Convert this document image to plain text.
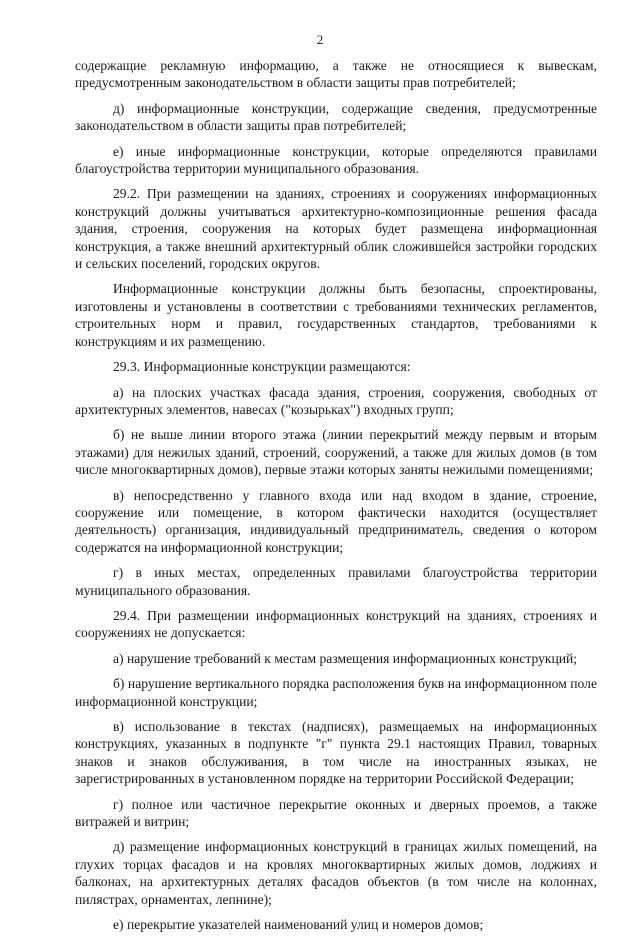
2

содержащие рекламную информацию, а также не относящиеся к вывескам, предусмотренным законодательством в области защиты прав потребителей;

д) информационные конструкции, содержащие сведения, предусмотренные законодательством в области защиты прав потребителей;

е) иные информационные конструкции, которые определяются правилами благоустройства территории муниципального образования.

29.2. При размещении на зданиях, строениях и сооружениях информационных конструкций должны учитываться архитектурно-композиционные решения фасада здания, строения, сооружения на которых будет размещена информационная конструкция, а также внешний архитектурный облик сложившейся застройки городских и сельских поселений, городских округов.

Информационные конструкции должны быть безопасны, спроектированы, изготовлены и установлены в соответствии с требованиями технических регламентов, строительных норм и правил, государственных стандартов, требованиями к конструкциям и их размещению.

29.3. Информационные конструкции размещаются:

а) на плоских участках фасада здания, строения, сооружения, свободных от архитектурных элементов, навесах ("козырьках") входных групп;

б) не выше линии второго этажа (линии перекрытий между первым и вторым этажами) для нежилых зданий, строений, сооружений, а также для жилых домов (в том числе многоквартирных домов), первые этажи которых заняты нежилыми помещениями;

в) непосредственно у главного входа или над входом в здание, строение, сооружение или помещение, в котором фактически находится (осуществляет деятельность) организация, индивидуальный предприниматель, сведения о котором содержатся на информационной конструкции;

г) в иных местах, определенных правилами благоустройства территории муниципального образования.

29.4. При размещении информационных конструкций на зданиях, строениях и сооружениях не допускается:

а) нарушение требований к местам размещения информационных конструкций;

б) нарушение вертикального порядка расположения букв на информационном поле информационной конструкции;

в) использование в текстах (надписях), размещаемых на информационных конструкциях, указанных в подпункте "г" пункта 29.1 настоящих Правил, товарных знаков и знаков обслуживания, в том числе на иностранных языках, не зарегистрированных в установленном порядке на территории Российской Федерации;

г) полное или частичное перекрытие оконных и дверных проемов, а также витражей и витрин;

д) размещение информационных конструкций в границах жилых помещений, на глухих торцах фасадов и на кровлях многоквартирных жилых домов, лоджиях и балконах, на архитектурных деталях фасадов объектов (в том числе на колоннах, пилястрах, орнаментах, лепнине);

е) перекрытие указателей наименований улиц и номеров домов;
